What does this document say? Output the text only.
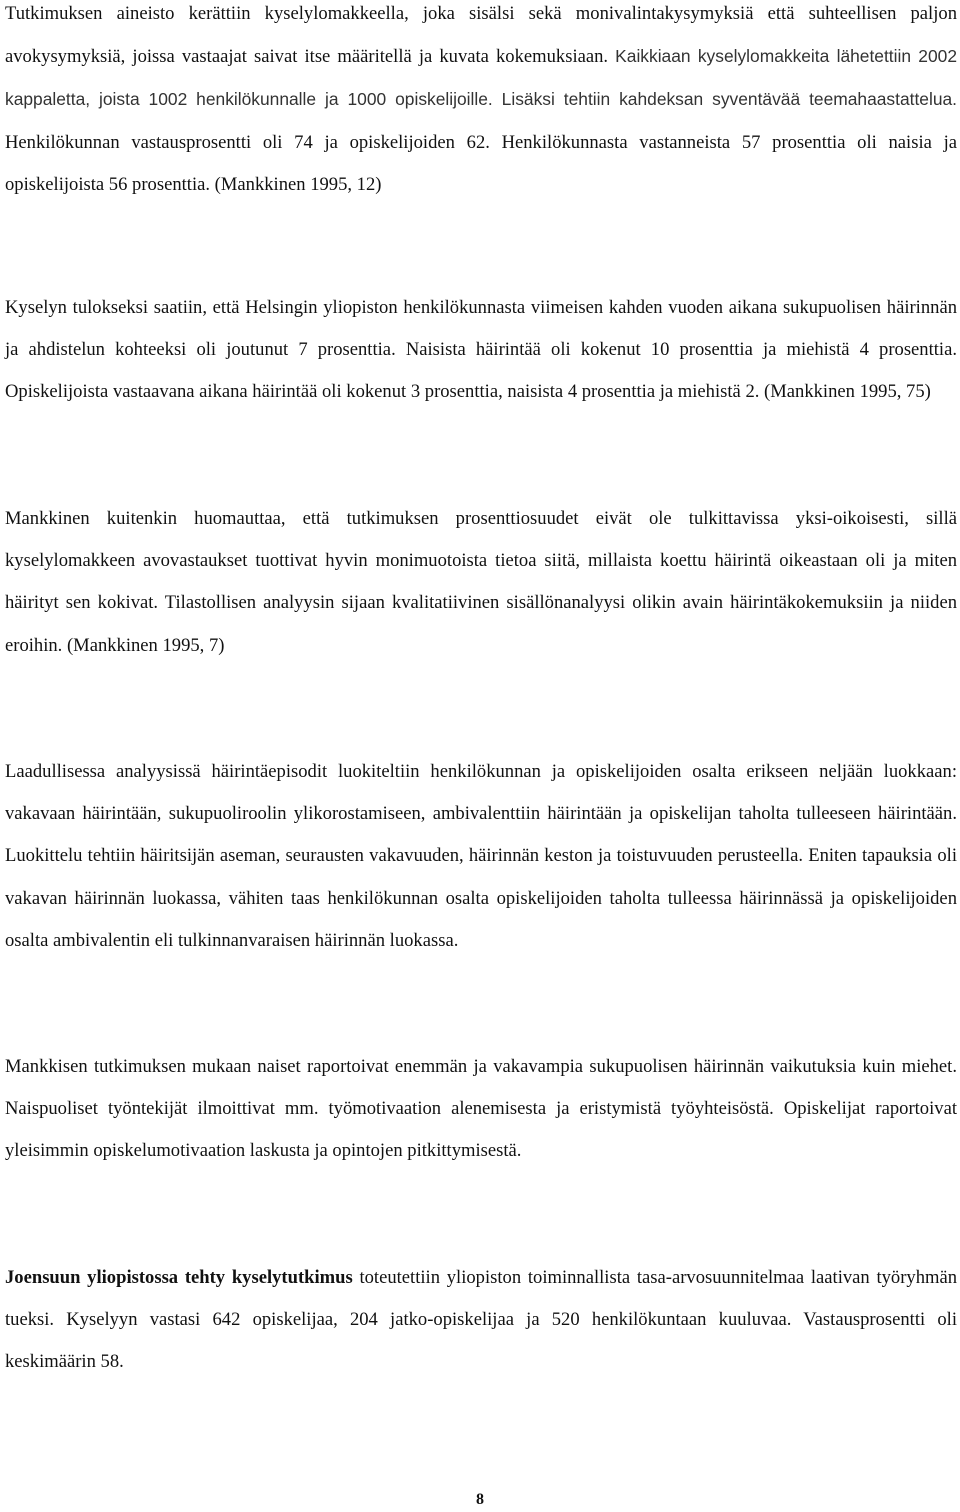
Tutkimuksen aineisto kerättiin kyselylomakkeella, joka sisälsi sekä monivalintakysymyksiä että suhteellisen paljon avokysymyksiä, joissa vastaajat saivat itse määritellä ja kuvata kokemuksiaan. Kaikkiaan kyselylomakkeita lähetettiin 2002 kappaletta, joista 1002 henkilökunnalle ja 1000 opiskelijoille. Lisäksi tehtiin kahdeksan syventävää teemahaastattelua. Henkilökunnan vastausprosentti oli 74 ja opiskelijoiden 62. Henkilökunnasta vastanneista 57 prosenttia oli naisia ja opiskelijoista 56 prosenttia. (Mankkinen 1995, 12)

Kyselyn tulokseksi saatiin, että Helsingin yliopiston henkilökunnasta viimeisen kahden vuoden aikana sukupuolisen häirinnän ja ahdistelun kohteeksi oli joutunut 7 prosenttia. Naisista häirintää oli kokenut 10 prosenttia ja miehistä 4 prosenttia. Opiskelijoista vastaavana aikana häirintää oli kokenut 3 prosenttia, naisista 4 prosenttia ja miehistä 2. (Mankkinen 1995, 75)

Mankkinen kuitenkin huomauttaa, että tutkimuksen prosenttiosuudet eivät ole tulkittavissa yksi-oikoisesti, sillä kyselylomakkeen avovastaukset tuottivat hyvin monimuotoista tietoa siitä, millaista koettu häirintä oikeastaan oli ja miten häirityt sen kokivat. Tilastollisen analyysin sijaan kvalitatiivinen sisällönanalyysi olikin avain häirintäkokemuksiin ja niiden eroihin. (Mankkinen 1995, 7)

Laadullisessa analyysissä häirintäepisodit luokiteltiin henkilökunnan ja opiskelijoiden osalta erikseen neljään luokkaan: vakavaan häirintään, sukupuoliroolin ylikorostamiseen, ambivalenttiin häirintään ja opiskelijan taholta tulleeseen häirintään. Luokittelu tehtiin häiritsijän aseman, seurausten vakavuuden, häirinnän keston ja toistuvuuden perusteella. Eniten tapauksia oli vakavan häirinnän luokassa, vähiten taas henkilökunnan osalta opiskelijoiden taholta tulleessa häirinnässä ja opiskelijoiden osalta ambivalentin eli tulkinnanvaraisen häirinnän luokassa.

Mankkisen tutkimuksen mukaan naiset raportoivat enemmän ja vakavampia sukupuolisen häirinnän vaikutuksia kuin miehet. Naispuoliset työntekijät ilmoittivat mm. työmotivaation alenemisesta ja eristymistä työyhteisöstä. Opiskelijat raportoivat yleisimmin opiskelumotivaation laskusta ja opintojen pitkittymisestä.

Joensuun yliopistossa tehty kyselytutkimus toteutettiin yliopiston toiminnallista tasa-arvosuunnitelmaa laativan työryhmän tueksi. Kyselyyn vastasi 642 opiskelijaa, 204 jatko-opiskelijaa ja 520 henkilökuntaan kuuluvaa. Vastausprosentti oli keskimäärin 58.

8
